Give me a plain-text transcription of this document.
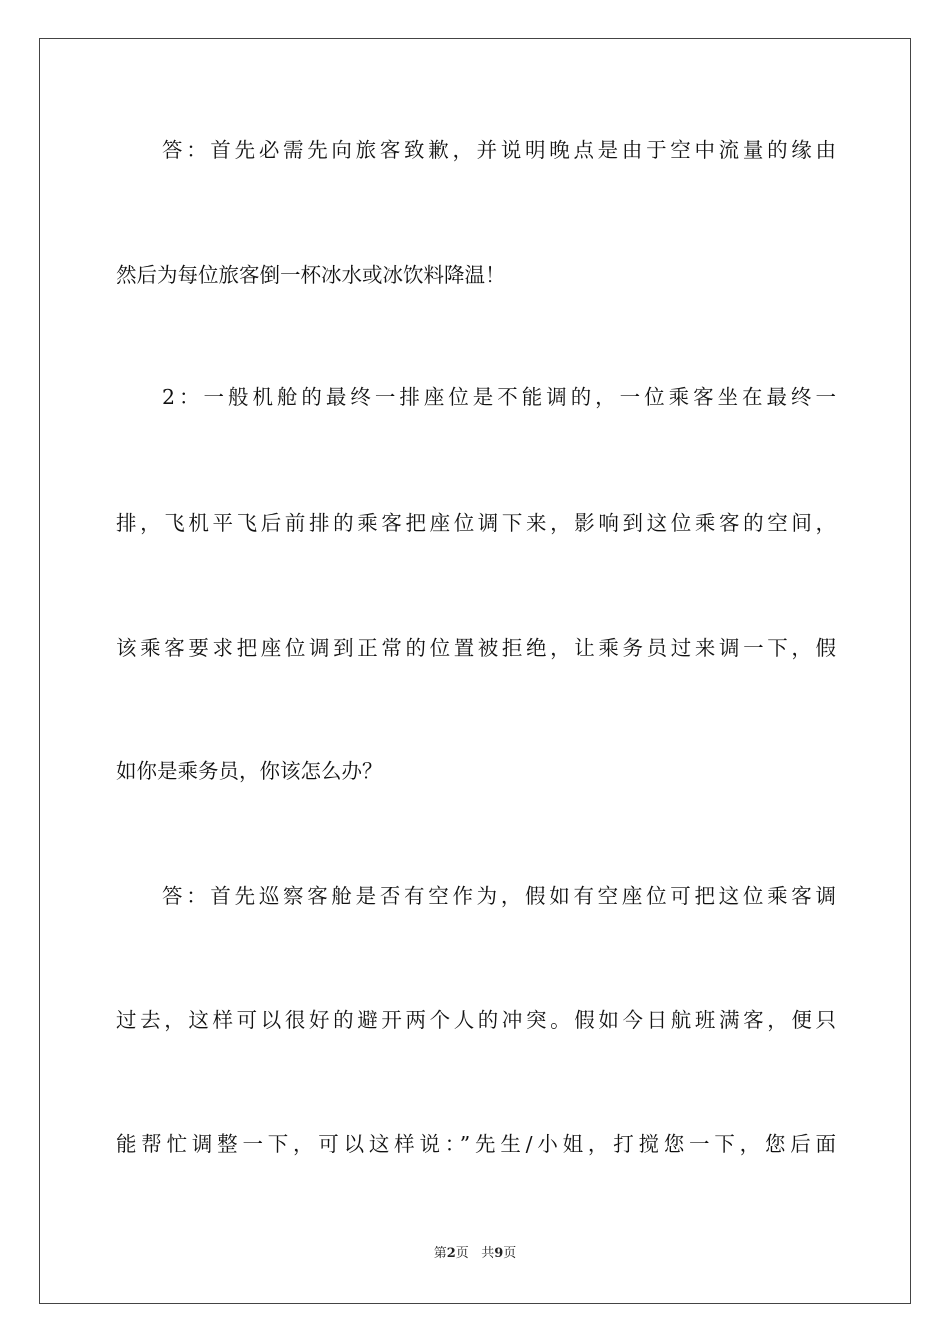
答：首先必需先向旅客致歉，并说明晚点是由于空中流量的缘由
然后为每位旅客倒一杯冰水或冰饮料降温！
2：一般机舱的最终一排座位是不能调的，一位乘客坐在最终一
排，飞机平飞后前排的乘客把座位调下来，影响到这位乘客的空间，
该乘客要求把座位调到正常的位置被拒绝，让乘务员过来调一下，假
如你是乘务员，你该怎么办？
答：首先巡察客舱是否有空作为，假如有空座位可把这位乘客调
过去，这样可以很好的避开两个人的冲突。假如今日航班满客，便只
能帮忙调整一下，可以这样说：”先生/小姐，打搅您一下，您后面
第2页 共9页
